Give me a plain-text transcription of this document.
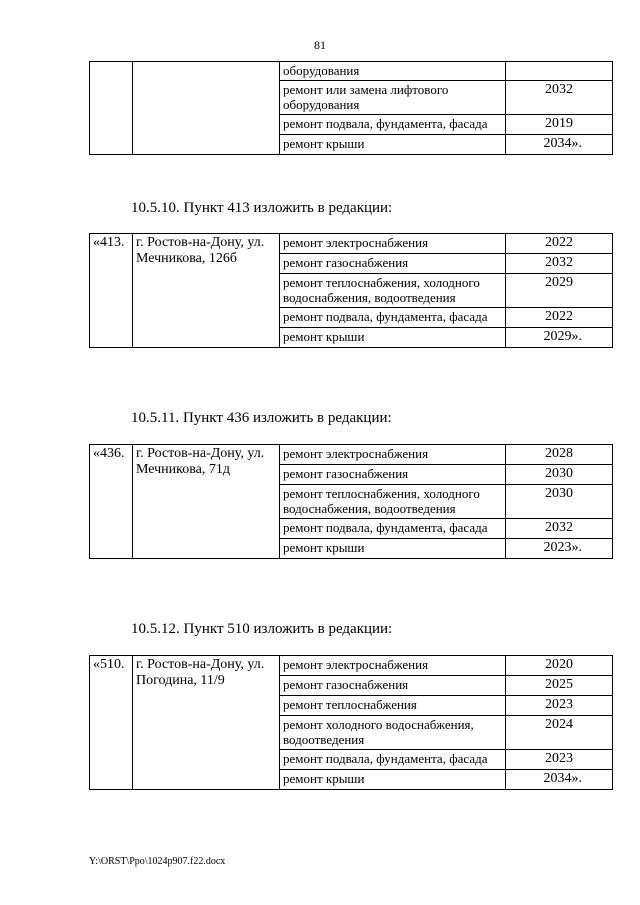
81
		оборудования	
		ремонт или замена лифтового оборудования	2032
		ремонт подвала, фундамента, фасада	2019
		ремонт крыши	2034».
10.5.10. Пункт 413 изложить в редакции:
«413.	г. Ростов-на-Дону, ул. Мечникова, 126б	ремонт электроснабжения	2022
		ремонт газоснабжения	2032
		ремонт теплоснабжения, холодного водоснабжения, водоотведения	2029
		ремонт подвала, фундамента, фасада	2022
		ремонт крыши	2029».
10.5.11. Пункт 436 изложить в редакции:
«436.	г. Ростов-на-Дону, ул. Мечникова, 71д	ремонт электроснабжения	2028
		ремонт газоснабжения	2030
		ремонт теплоснабжения, холодного водоснабжения, водоотведения	2030
		ремонт подвала, фундамента, фасада	2032
		ремонт крыши	2023».
10.5.12. Пункт 510 изложить в редакции:
«510.	г. Ростов-на-Дону, ул. Погодина, 11/9	ремонт электроснабжения	2020
		ремонт газоснабжения	2025
		ремонт теплоснабжения	2023
		ремонт холодного водоснабжения, водоотведения	2024
		ремонт подвала, фундамента, фасада	2023
		ремонт крыши	2034».
Y:\ORST\Ppo\1024p907.f22.docx
